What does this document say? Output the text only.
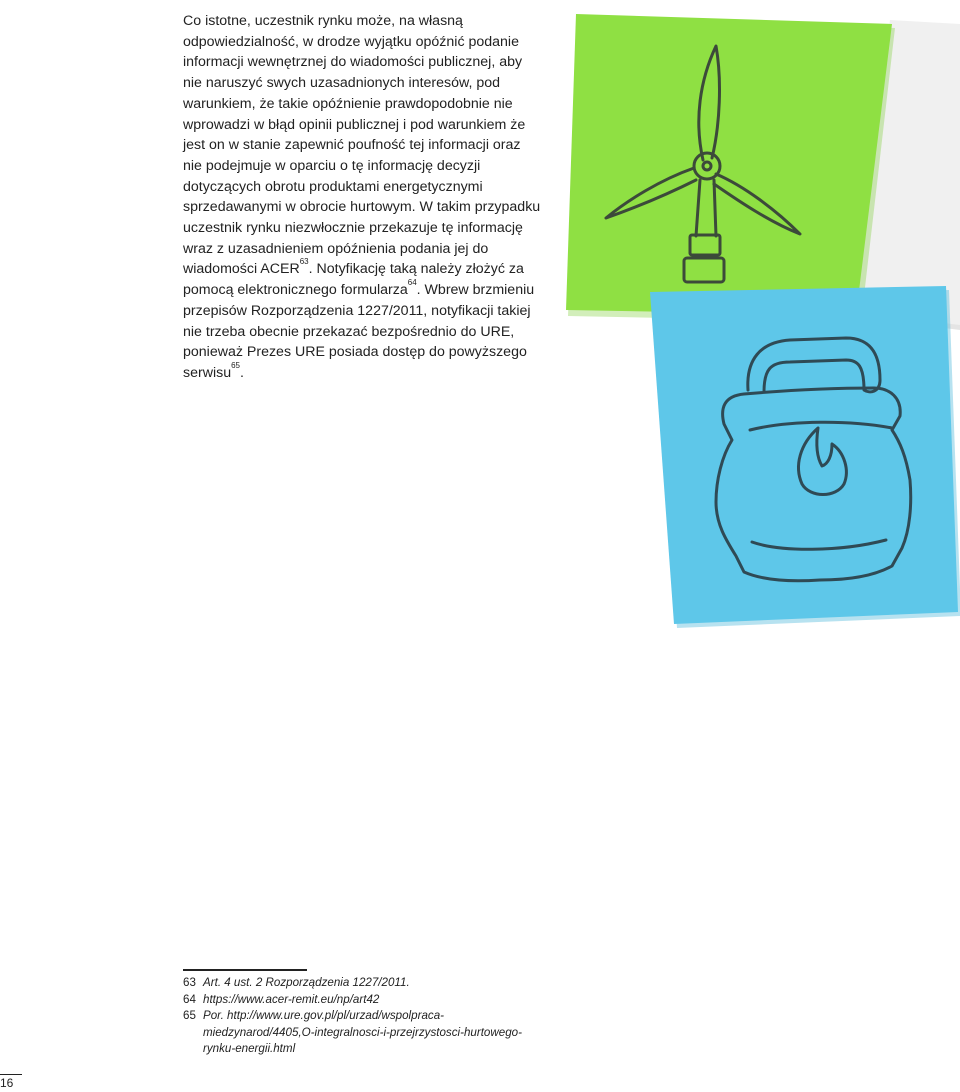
Co istotne, uczestnik rynku może, na własną odpowiedzialność, w drodze wyjątku opóźnić podanie informacji wewnętrznej do wiadomości publicznej, aby nie naruszyć swych uzasadnionych interesów, pod warunkiem, że takie opóźnienie prawdopodobnie nie wprowadzi w błąd opinii publicznej i pod warunkiem że jest on w stanie zapewnić poufność tej informacji oraz nie podejmuje w oparciu o tę informację decyzji dotyczących obrotu produktami energetycznymi sprzedawanymi w obrocie hurtowym. W takim przypadku uczestnik rynku niezwłocznie przekazuje tę informację wraz z uzasadnieniem opóźnienia podania jej do wiadomości ACER$^{63}$. Notyfikację taką należy złożyć za pomocą elektronicznego formularza$^{64}$. Wbrew brzmieniu przepisów Rozporządzenia 1227/2011, notyfikacji takiej nie trzeba obecnie przekazać bezpośrednio do URE, ponieważ Prezes URE posiada dostęp do powyższego serwisu$^{65}$.
63 Art. 4 ust. 2 Rozporządzenia 1227/2011.
64 https://www.acer-remit.eu/np/art42
65 Por. http://www.ure.gov.pl/pl/urzad/wspolpraca-miedzynarod/4405,O-integralnosci-i-przejrzystosci-hurtowego-rynku-energii.html
16
